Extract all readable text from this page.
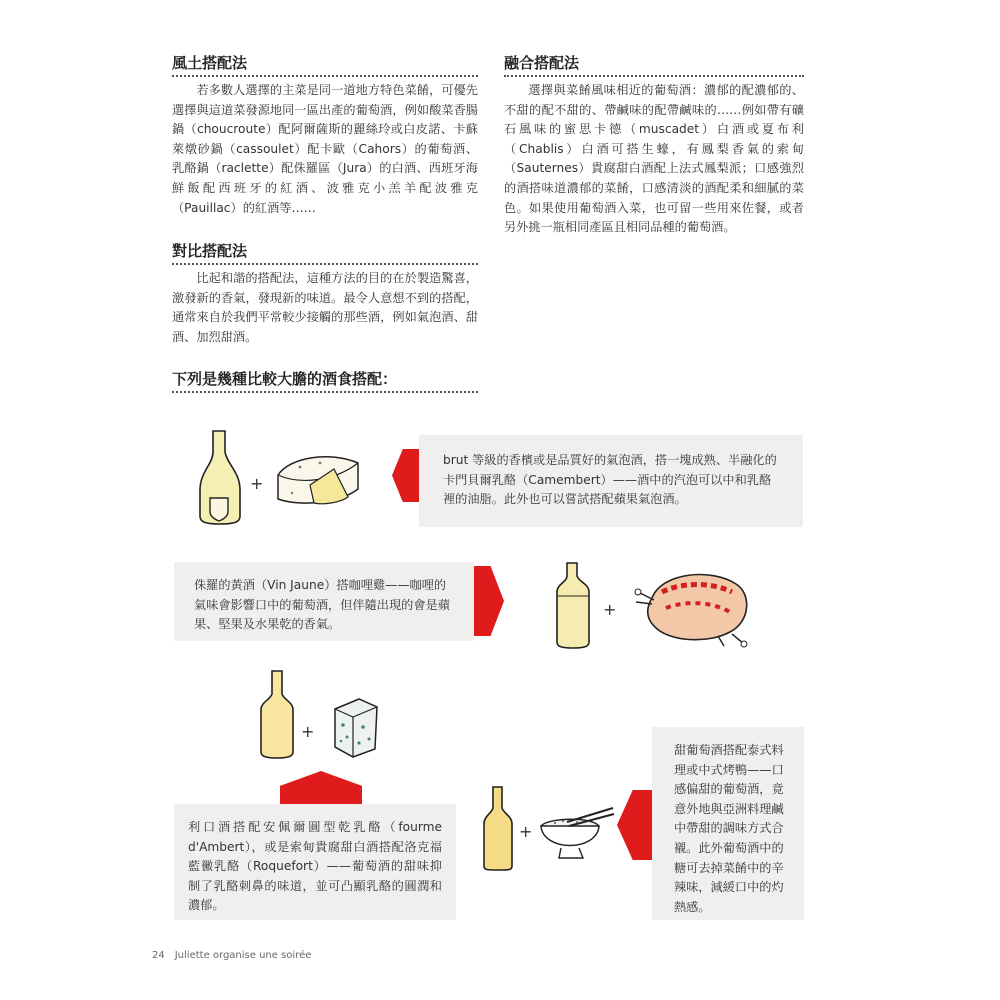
風土搭配法

若多數人選擇的主菜是同一道地方特色菜餚，可優先選擇與這道菜發源地同一區出產的葡萄酒，例如酸菜香腸鍋（choucroute）配阿爾薩斯的麗絲玲或白皮諾、卡蘇萊燉砂鍋（cassoulet）配卡歐（Cahors）的葡萄酒、乳酪鍋（raclette）配侏羅區（Jura）的白酒、西班牙海鮮飯配西班牙的紅酒、波雅克小羔羊配波雅克（Pauillac）的紅酒等……

對比搭配法

比起和諧的搭配法，這種方法的目的在於製造驚喜，激發新的香氣，發現新的味道。最令人意想不到的搭配，通常來自於我們平常較少接觸的那些酒，例如氣泡酒、甜酒、加烈甜酒。

下列是幾種比較大膽的酒食搭配：
融合搭配法

選擇與菜餚風味相近的葡萄酒：濃郁的配濃郁的、不甜的配不甜的、帶鹹味的配帶鹹味的……例如帶有礦石風味的蜜思卡德（muscadet）白酒或夏布利（Chablis）白酒可搭生蠔，有鳳梨香氣的索甸（Sauternes）貴腐甜白酒配上法式鳳梨派；口感強烈的酒搭味道濃郁的菜餚，口感清淡的酒配柔和細膩的菜色。如果使用葡萄酒入菜，也可留一些用來佐餐，或者另外挑一瓶相同產區且相同品種的葡萄酒。

+

brut 等級的香檳或是品質好的氣泡酒，搭一塊成熟、半融化的卡門貝爾乳酪（Camembert）——酒中的汽泡可以中和乳酪裡的油脂。此外也可以嘗試搭配蘋果氣泡酒。

侏羅的黃酒（Vin Jaune）搭咖哩雞——咖哩的氣味會影響口中的葡萄酒，但伴隨出現的會是蘋果、堅果及水果乾的香氣。

+
+

利口酒搭配安佩爾圓型乾乳酪（fourme d'Ambert），或是索甸貴腐甜白酒搭配洛克福藍黴乳酪（Roquefort）——葡萄酒的甜味抑制了乳酪刺鼻的味道，並可凸顯乳酪的圓潤和濃郁。

+

甜葡萄酒搭配泰式料理或中式烤鴨——口感偏甜的葡萄酒，竟意外地與亞洲料理鹹中帶甜的調味方式合襯。此外葡萄酒中的糖可去掉菜餚中的辛辣味，減緩口中的灼熱感。

24 Juliette organise une soirée
